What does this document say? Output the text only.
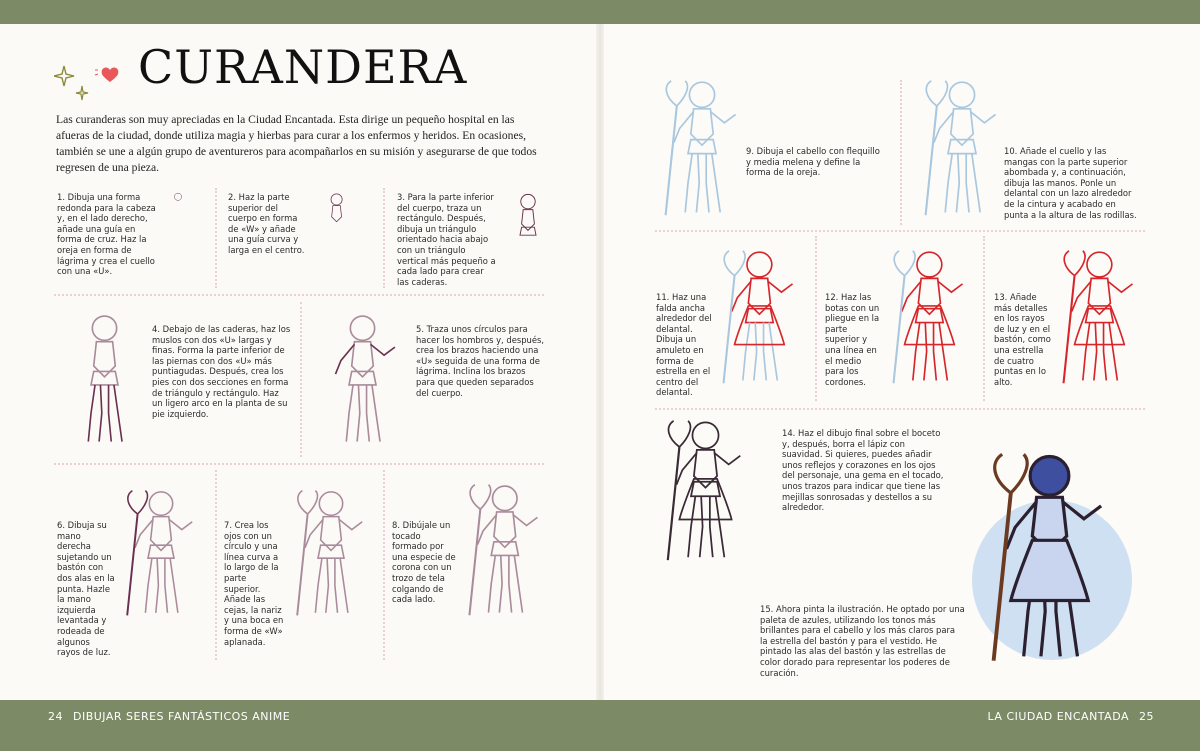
CURANDERA
Las curanderas son muy apreciadas en la Ciudad Encantada. Esta dirige un pequeño hospital en las afueras de la ciudad, donde utiliza magia y hierbas para curar a los enfermos y heridos. En ocasiones, también se une a algún grupo de aventureros para acompañarlos en su misión y asegurarse de que todos regresen de una pieza.
1. Dibuja una forma redonda para la cabeza y, en el lado derecho, añade una guía en forma de cruz. Haz la oreja en forma de lágrima y crea el cuello con una «U».
2. Haz la parte superior del cuerpo en forma de «W» y añade una guía curva y larga en el centro.
3. Para la parte inferior del cuerpo, traza un rectángulo. Después, dibuja un triángulo orientado hacia abajo con un triángulo vertical más pequeño a cada lado para crear las caderas.
4. Debajo de las caderas, haz los muslos con dos «U» largas y finas. Forma la parte inferior de las piernas con dos «U» más puntiagudas. Después, crea los pies con dos secciones en forma de triángulo y rectángulo. Haz un ligero arco en la planta de su pie izquierdo.
5. Traza unos círculos para hacer los hombros y, después, crea los brazos haciendo una «U» seguida de una forma de lágrima. Inclina los brazos para que queden separados del cuerpo.
6. Dibuja su mano derecha sujetando un bastón con dos alas en la punta. Hazle la mano izquierda levantada y rodeada de algunos rayos de luz.
7. Crea los ojos con un círculo y una línea curva a lo largo de la parte superior. Añade las cejas, la nariz y una boca en forma de «W» aplanada.
8. Dibújale un tocado formado por una especie de corona con un trozo de tela colgando de cada lado.
9. Dibuja el cabello con flequillo y media melena y define la forma de la oreja.
10. Añade el cuello y las mangas con la parte superior abombada y, a continuación, dibuja las manos. Ponle un delantal con un lazo alrededor de la cintura y acabado en punta a la altura de las rodillas.
11. Haz una falda ancha alrededor del delantal. Dibuja un amuleto en forma de estrella en el centro del delantal.
12. Haz las botas con un pliegue en la parte superior y una línea en el medio para los cordones.
13. Añade más detalles en los rayos de luz y en el bastón, como una estrella de cuatro puntas en lo alto.
14. Haz el dibujo final sobre el boceto y, después, borra el lápiz con suavidad. Si quieres, puedes añadir unos reflejos y corazones en los ojos del personaje, una gema en el tocado, unos trazos para indicar que tiene las mejillas sonrosadas y destellos a su alrededor.
15. Ahora pinta la ilustración. He optado por una paleta de azules, utilizando los tonos más brillantes para el cabello y los más claros para la estrella del bastón y para el vestido. He pintado las alas del bastón y las estrellas de color dorado para representar los poderes de curación.
24 DIBUJAR SERES FANTÁSTICOS ANIME	LA CIUDAD ENCANTADA 25
